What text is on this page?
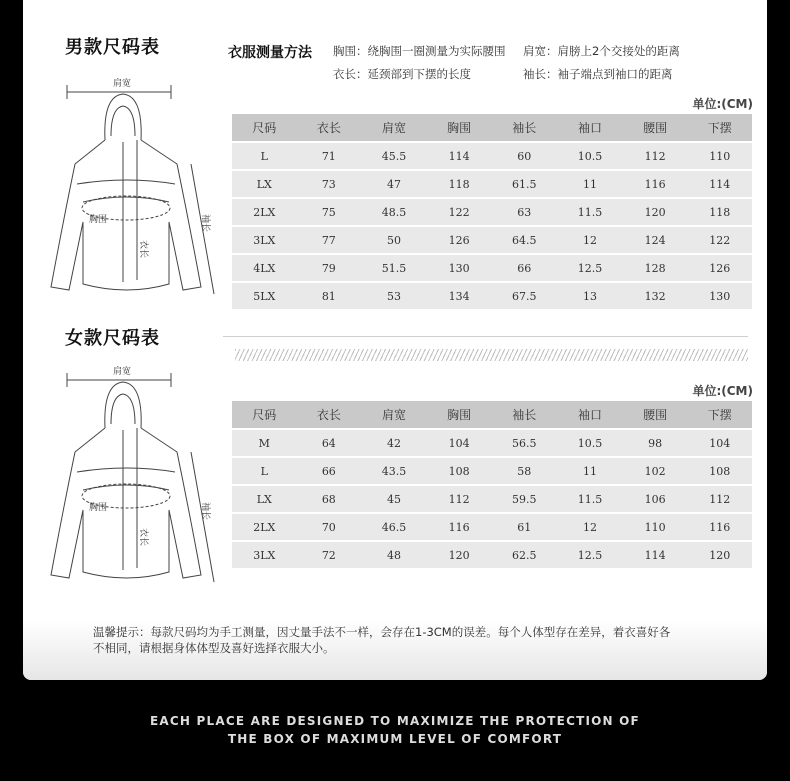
男款尺码表
肩宽
胸围
衣长
袖长
衣服测量方法 胸围：绕胸围一圈测量为实际腰围 肩宽：肩膀上2个交接处的距离
衣长：延颈部到下摆的长度	袖长：袖子端点到袖口的距离
单位:(CM)
尺码	衣长	肩宽	胸围	袖长	袖口	腰围	下摆
L	71	45.5	114	60	10.5	112	110
LX	73	47	118	61.5	11	116	114
2LX	75	48.5	122	63	11.5	120	118
3LX	77	50	126	64.5	12	124	122
4LX	79	51.5	130	66	12.5	128	126
5LX	81	53	134	67.5	13	132	130
女款尺码表
肩宽
胸围
衣长
袖长
单位:(CM)
尺码	衣长	肩宽	胸围	袖长	袖口	腰围	下摆
M	64	42	104	56.5	10.5	98	104
L	66	43.5	108	58	11	102	108
LX	68	45	112	59.5	11.5	106	112
2LX	70	46.5	116	61	12	110	116
3LX	72	48	120	62.5	12.5	114	120
温馨提示：每款尺码均为手工测量，因丈量手法不一样，会存在1-3CM的误差。每个人体型存在差异，着衣喜好各不相同，请根据身体体型及喜好选择衣服大小。
EACH PLACE ARE DESIGNED TO MAXIMIZE THE PROTECTION OF
THE BOX OF MAXIMUM LEVEL OF COMFORT
